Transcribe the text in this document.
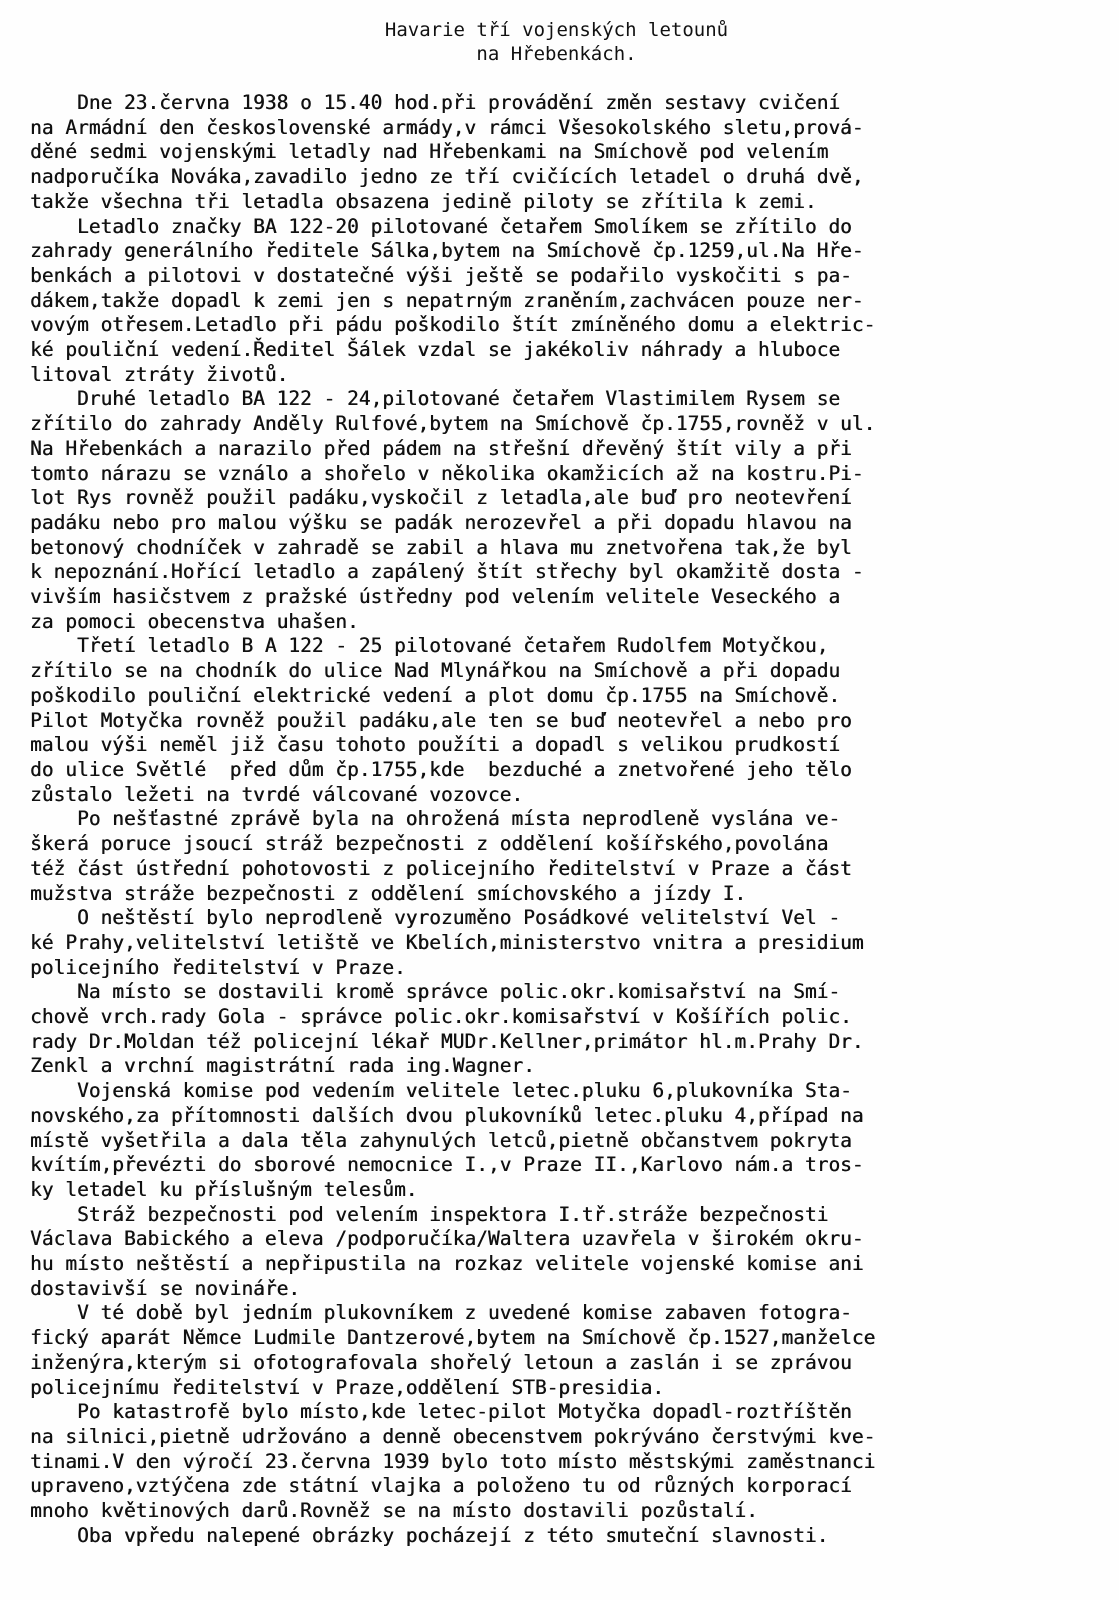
Havarie tří vojenských letounů
na Hřebenkách.
Dne 23.června 1938 o 15.40 hod.při provádění změn sestavy cvičení
na Armádní den československé armády,v rámci Všesokolského sletu,prová-
děné sedmi vojenskými letadly nad Hřebenkami na Smíchově pod velením
nadporučíka Nováka,zavadilo jedno ze tří cvičících letadel o druhá dvě,
takže všechna tři letadla obsazena jedině piloty se zřítila k zemi.
Letadlo značky BA 122-20 pilotované četařem Smolíkem se zřítilo do
zahrady generálního ředitele Sálka,bytem na Smíchově čp.1259,ul.Na Hře-
benkách a pilotovi v dostatečné výši ještě se podařilo vyskočiti s pa-
dákem,takže dopadl k zemi jen s nepatrným zraněním,zachvácen pouze ner-
vovým otřesem.Letadlo při pádu poškodilo štít zmíněného domu a elektric-
ké pouliční vedení.Ředitel Šálek vzdal se jakékoliv náhrady a hluboce
litoval ztráty životů.
Druhé letadlo BA 122 - 24,pilotované četařem Vlastimilem Rysem se
zřítilo do zahrady Anděly Rulfové,bytem na Smíchově čp.1755,rovněž v ul.
Na Hřebenkách a narazilo před pádem na střešní dřevěný štít vily a při
tomto nárazu se vználo a shořelo v několika okamžicích až na kostru.Pi-
lot Rys rovněž použil padáku,vyskočil z letadla,ale buď pro neotevření
padáku nebo pro malou výšku se padák nerozevřel a při dopadu hlavou na
betonový chodníček v zahradě se zabil a hlava mu znetvořena tak,že byl
k nepoznání.Hořící letadlo a zapálený štít střechy byl okamžitě dosta -
vivším hasičstvem z pražské ústředny pod velením velitele Veseckého a
za pomoci obecenstva uhašen.
Třetí letadlo B A 122 - 25 pilotované četařem Rudolfem Motyčkou,
zřítilo se na chodník do ulice Nad Mlynářkou na Smíchově a při dopadu
poškodilo pouliční elektrické vedení a plot domu čp.1755 na Smíchově.
Pilot Motyčka rovněž použil padáku,ale ten se buď neotevřel a nebo pro
malou výši neměl již času tohoto použíti a dopadl s velikou prudkostí
do ulice Světlé  před dům čp.1755,kde  bezduché a znetvořené jeho tělo
zůstalo ležeti na tvrdé válcované vozovce.
Po nešťastné zprávě byla na ohrožená místa neprodleně vyslána ve-
škerá poruce jsoucí stráž bezpečnosti z oddělení košířského,povolána
též část ústřední pohotovosti z policejního ředitelství v Praze a část
mužstva stráže bezpečnosti z oddělení smíchovského a jízdy I.
O neštěstí bylo neprodleně vyrozuměno Posádkové velitelství Vel -
ké Prahy,velitelství letiště ve Kbelích,ministerstvo vnitra a presidium
policejního ředitelství v Praze.
Na místo se dostavili kromě správce polic.okr.komisařství na Smí-
chově vrch.rady Gola - správce polic.okr.komisařství v Košířích polic.
rady Dr.Moldan též policejní lékař MUDr.Kellner,primátor hl.m.Prahy Dr.
Zenkl a vrchní magistrátní rada ing.Wagner.
Vojenská komise pod vedením velitele letec.pluku 6,plukovníka Sta-
novského,za přítomnosti dalších dvou plukovníků letec.pluku 4,případ na
místě vyšetřila a dala těla zahynulých letců,pietně občanstvem pokryta
kvítím,převézti do sborové nemocnice I.,v Praze II.,Karlovo nám.a tros-
ky letadel ku příslušným telesům.
Stráž bezpečnosti pod velením inspektora I.tř.stráže bezpečnosti
Václava Babického a eleva /podporučíka/Waltera uzavřela v širokém okru-
hu místo neštěstí a nepřipustila na rozkaz velitele vojenské komise ani
dostavivší se novináře.
V té době byl jedním plukovníkem z uvedené komise zabaven fotogra-
fický aparát Němce Ludmile Dantzerové,bytem na Smíchově čp.1527,manželce
inženýra,kterým si ofotografovala shořelý letoun a zaslán i se zprávou
policejnímu ředitelství v Praze,oddělení STB-presidia.
Po katastrofě bylo místo,kde letec-pilot Motyčka dopadl-roztříštěn
na silnici,pietně udržováno a denně obecenstvem pokrýváno čerstvými kve-
tinami.V den výročí 23.června 1939 bylo toto místo městskými zaměstnanci
upraveno,vztýčena zde státní vlajka a položeno tu od různých korporací
mnoho květinových darů.Rovněž se na místo dostavili pozůstalí.
Oba vpředu nalepené obrázky pocházejí z této smuteční slavnosti.
